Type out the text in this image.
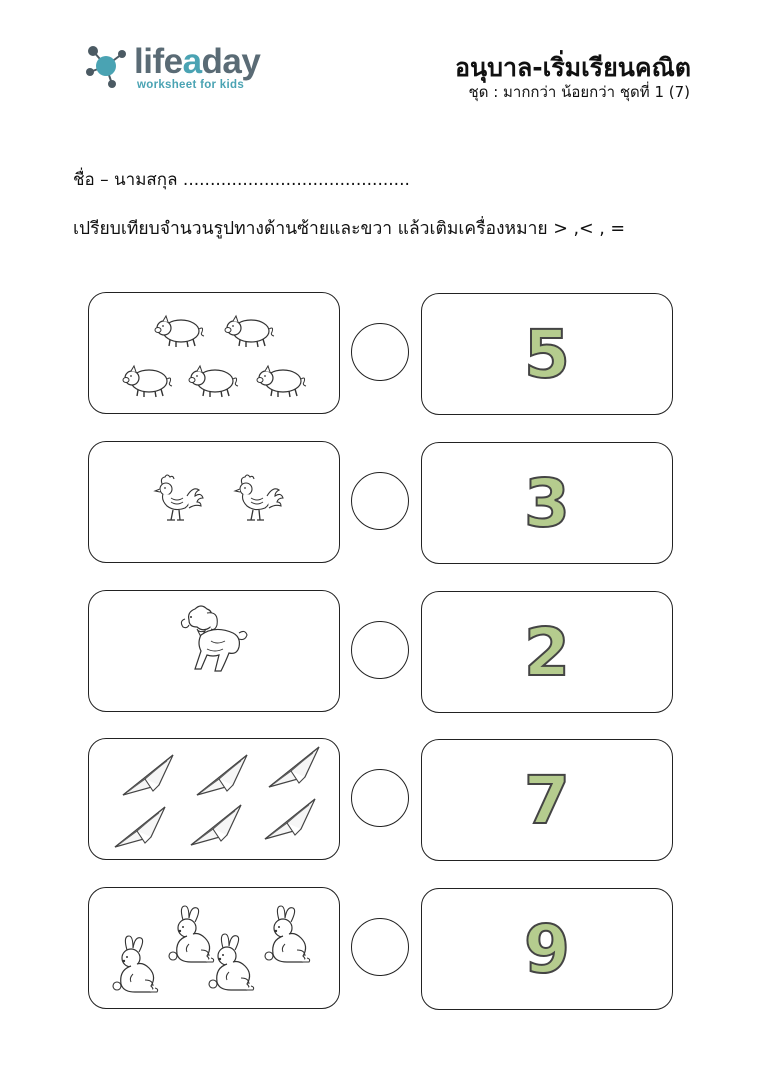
lifeaday
worksheet for kids
อนุบาล-เริ่มเรียนคณิต
ชุด : มากกว่า น้อยกว่า ชุดที่ 1 (7)
ชื่อ – นามสกุล ..........................................
เปรียบเทียบจำนวนรูปทางด้านซ้ายและขวา แล้วเติมเครื่องหมาย > ,< , =
5
3
2
7
9
